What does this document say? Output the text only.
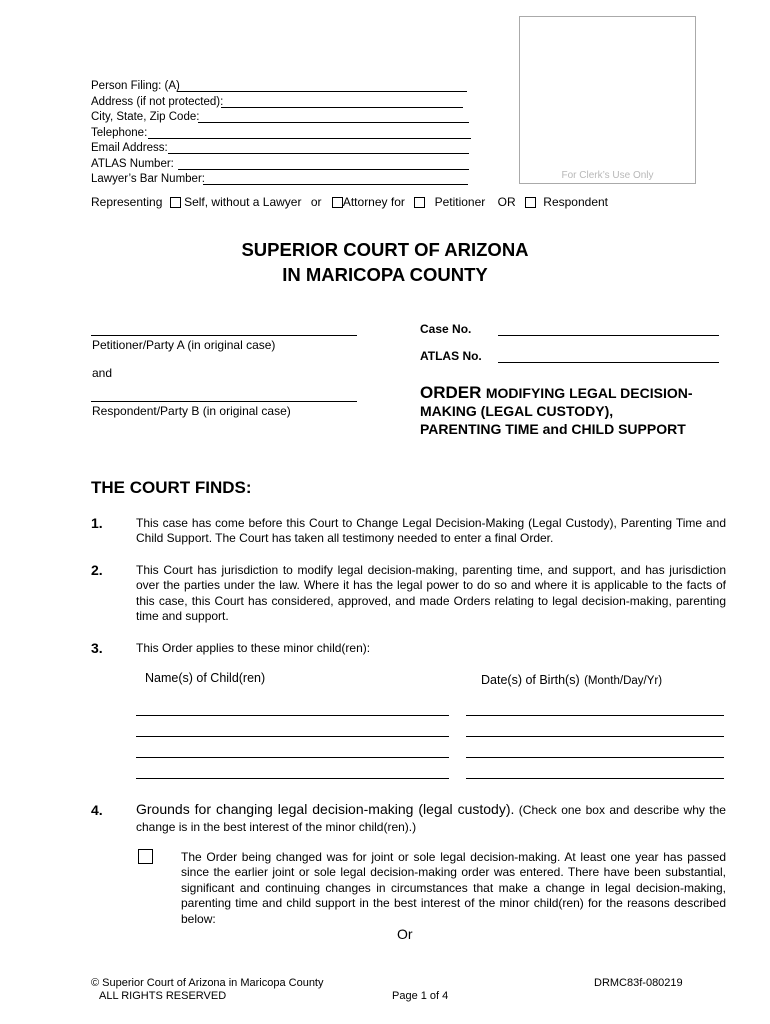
Person Filing: (A)
Address (if not protected):
City, State, Zip Code:
Telephone:
Email Address:
ATLAS Number:
Lawyer’s Bar Number:	For Clerk’s Use Only
Representing Self, without a Lawyer or Attorney for Petitioner OR Respondent
SUPERIOR COURT OF ARIZONA
IN MARICOPA COUNTY
Petitioner/Party A (in original case)
and
Respondent/Party B (in original case)
Case No.
ATLAS No.
ORDER MODIFYING LEGAL DECISION-
MAKING (LEGAL CUSTODY),
PARENTING TIME and CHILD SUPPORT
THE COURT FINDS:
1.	This case has come before this Court to Change Legal Decision-Making (Legal Custody), Parenting Time and Child Support. The Court has taken all testimony needed to enter a final Order.
2.	This Court has jurisdiction to modify legal decision-making, parenting time, and support, and has jurisdiction over the parties under the law. Where it has the legal power to do so and where it is applicable to the facts of this case, this Court has considered, approved, and made Orders relating to legal decision-making, parenting time and support.
3.	This Order applies to these minor child(ren):
Name(s) of Child(ren)	Date(s) of Birth(s) (Month/Day/Yr)
4. Grounds for changing legal decision-making (legal custody). (Check one box and describe why the change is in the best interest of the minor child(ren).)
The Order being changed was for joint or sole legal decision-making. At least one year has passed since the earlier joint or sole legal decision-making order was entered. There have been substantial, significant and continuing changes in circumstances that make a change in legal decision-making, parenting time and child support in the best interest of the minor child(ren) for the reasons described below:
Or
© Superior Court of Arizona in Maricopa County
ALL RIGHTS RESERVED	Page 1 of 4
DRMC83f-080219
